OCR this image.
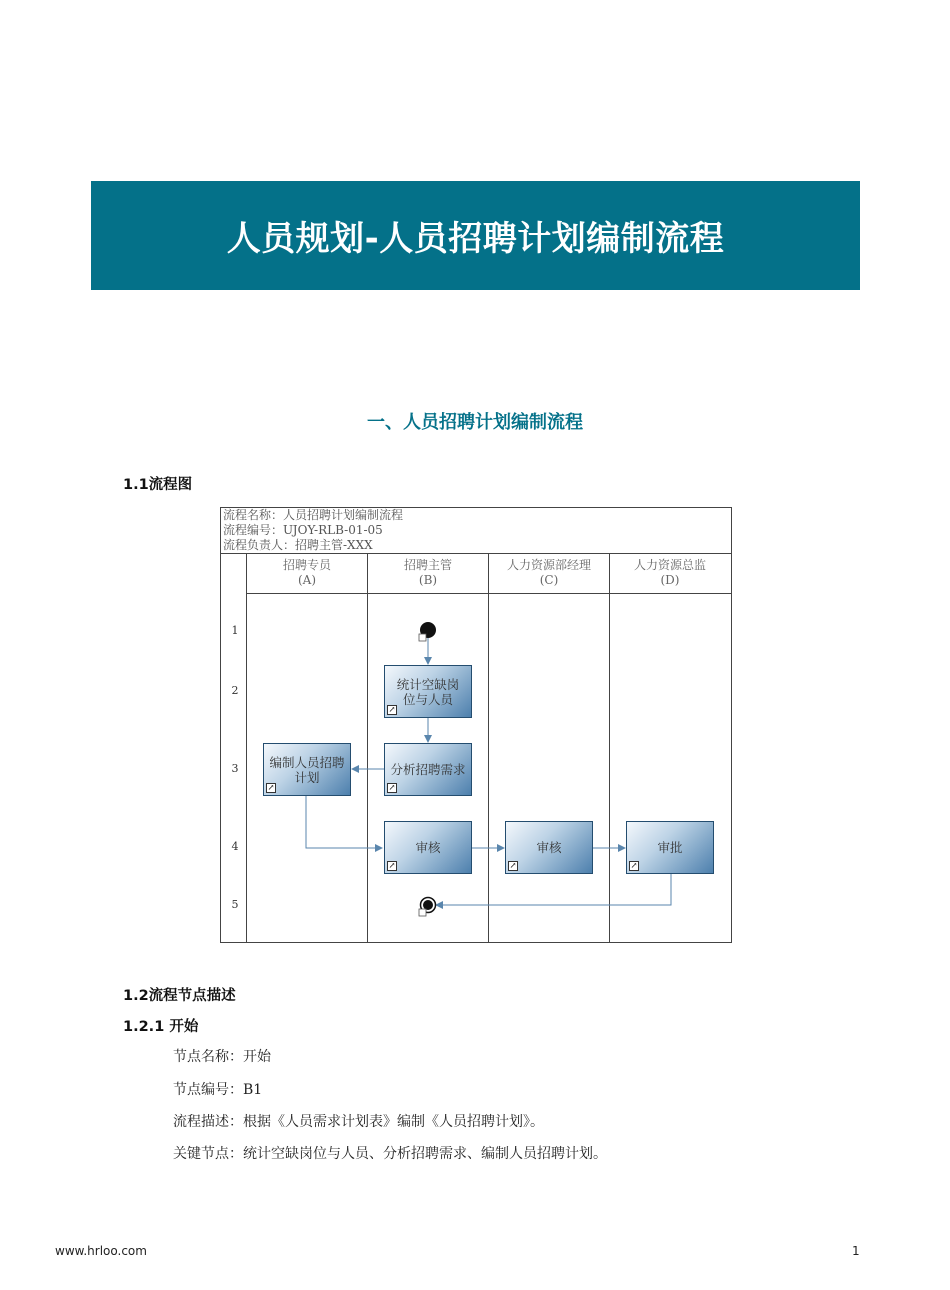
人员规划-人员招聘计划编制流程
一、人员招聘计划编制流程
1.1流程图
流程名称：人员招聘计划编制流程
流程编号：UJOY-RLB-01-05
流程负责人：招聘主管-XXX
招聘专员
(A)
招聘主管
(B)
人力资源部经理
(C)
人力资源总监
(D)
1
2
3
4
5
统计空缺岗位与人员
↗
编制人员招聘计划
↗
分析招聘需求
↗
审核
↗
审核
↗
审批
↗
1.2流程节点描述
1.2.1 开始
节点名称：开始
节点编号：B1
流程描述：根据《人员需求计划表》编制《人员招聘计划》。
关键节点：统计空缺岗位与人员、分析招聘需求、编制人员招聘计划。
www.hrloo.com	1
